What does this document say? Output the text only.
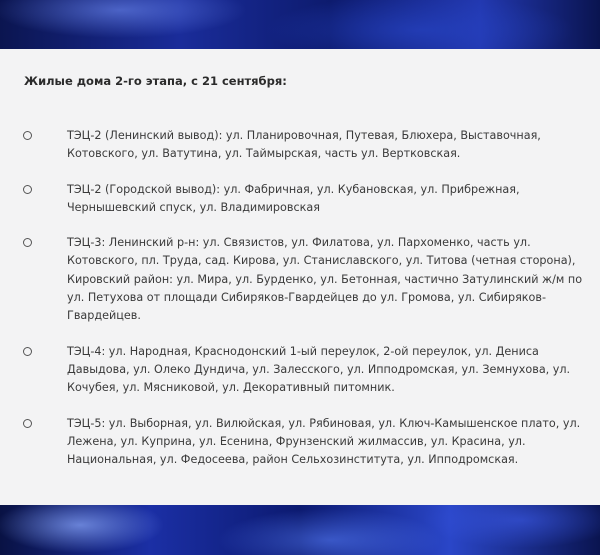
Жилые дома 2-го этапа, с 21 сентября:

ТЭЦ-2 (Ленинский вывод): ул. Планировочная, Путевая, Блюхера, Выставочная, Котовского, ул. Ватутина, ул. Таймырская, часть ул. Вертковская.
ТЭЦ-2 (Городской вывод): ул. Фабричная, ул. Кубановская, ул. Прибрежная, Чернышевский спуск, ул. Владимировская
ТЭЦ-3: Ленинский р-н: ул. Связистов, ул. Филатова, ул. Пархоменко, часть ул. Котовского, пл. Труда, сад. Кирова, ул. Станиславского, ул. Титова (четная сторона), Кировский район: ул. Мира, ул. Бурденко, ул. Бетонная, частично Затулинский ж/м по ул. Петухова от площади Сибиряков-Гвардейцев до ул. Громова, ул. Сибиряков-Гвардейцев.
ТЭЦ-4: ул. Народная, Краснодонский 1-ый переулок, 2-ой переулок, ул. Дениса Давыдова, ул. Олеко Дундича, ул. Залесского, ул. Ипподромская, ул. Земнухова, ул. Кочубея, ул. Мясниковой, ул. Декоративный питомник.
ТЭЦ-5: ул. Выборная, ул. Вилюйская, ул. Рябиновая, ул. Ключ-Камышенское плато, ул. Лежена, ул. Куприна, ул. Есенина, Фрунзенский жилмассив, ул. Красина, ул. Национальная, ул. Федосеева, район Сельхозинститута, ул. Ипподромская.
